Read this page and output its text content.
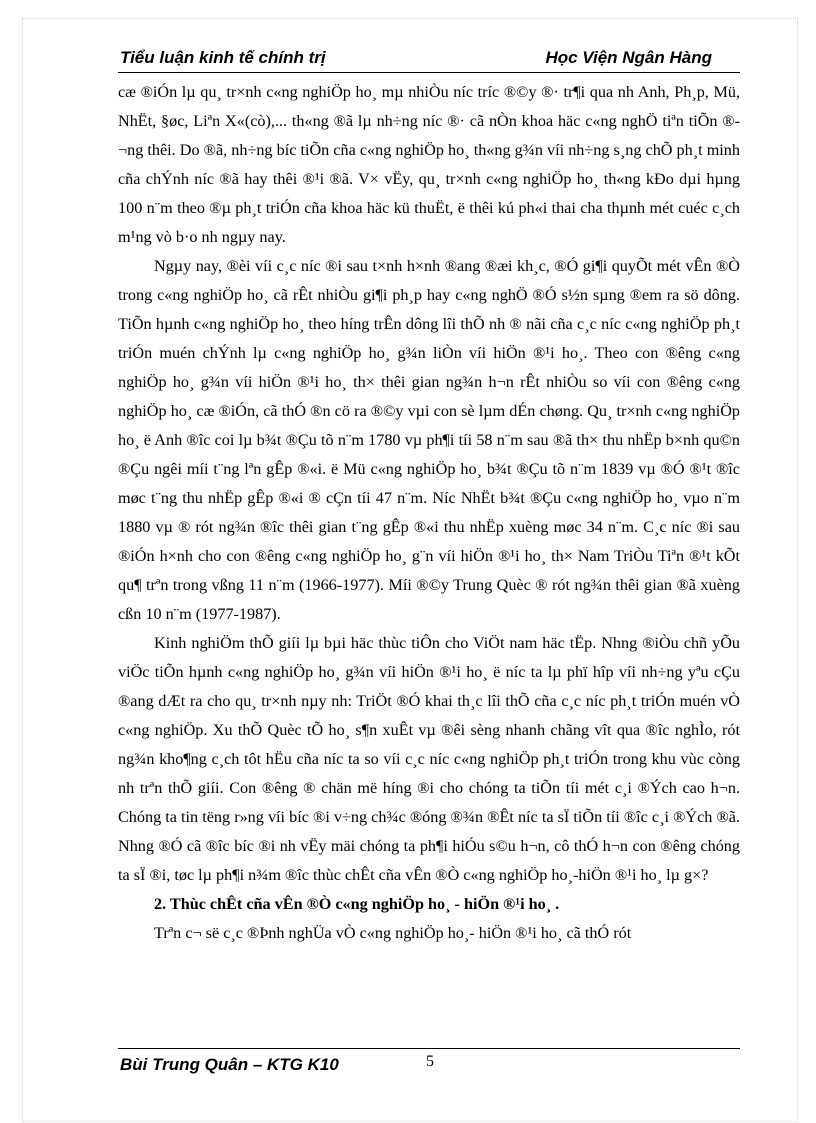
Tiểu luận kinh tế chính trị	Học Viện Ngân Hàng

cæ ®iÓn lµ qu¸ tr×nh c«ng nghiÖp ho¸ mµ nhiÒu níc tríc ®©y ®· tr¶i qua nh Anh, Ph¸p, Mü, NhËt, §øc, Liªn X«(cò),... th«ng ®ã lµ nh÷ng níc ®· cã nÒn khoa häc c«ng nghÖ tiªn tiÕn ®¬ng thêi. Do ®ã, nh÷ng bíc tiÕn cña c«ng nghiÖp ho¸ th«ng g¾n víi nh÷ng s¸ng chÕ ph¸t minh cña chÝnh níc ®ã hay thêi ®¹i ®ã. V× vËy, qu¸ tr×nh c«ng nghiÖp ho¸ th«ng kÐo dµi hµng 100 n¨m theo ®µ ph¸t triÓn cña khoa häc kü thuËt, ë thêi kú ph«i thai cha thµnh mét cuéc c¸ch m¹ng vò b·o nh ngµy nay.

Ngµy nay, ®èi víi c¸c níc ®i sau t×nh h×nh ®ang ®æi kh¸c, ®Ó gi¶i quyÕt mét vÊn ®Ò trong c«ng nghiÖp ho¸ cã rÊt nhiÒu gi¶i ph¸p hay c«ng nghÖ ®Ó s½n sµng ®em ra sö dông. TiÕn hµnh c«ng nghiÖp ho¸ theo híng trÊn dông lîi thÕ nh ® nãi cña c¸c níc c«ng nghiÖp ph¸t triÓn muén chÝnh lµ c«ng nghiÖp ho¸ g¾n liÒn víi hiÖn ®¹i ho¸. Theo con ®êng c«ng nghiÖp ho¸ g¾n víi hiÖn ®¹i ho¸ th× thêi gian ng¾n h¬n rÊt nhiÒu so víi con ®êng c«ng nghiÖp ho¸ cæ ®iÓn, cã thÓ ®n cö ra ®©y vµi con sè lµm dÉn chøng. Qu¸ tr×nh c«ng nghiÖp ho¸ ë Anh ®îc coi lµ b¾t ®Çu tõ n¨m 1780 vµ ph¶i tíi 58 n¨m sau ®ã th× thu nhËp b×nh qu©n ®Çu ngêi míi t¨ng lªn gÊp ®«i. ë Mü c«ng nghiÖp ho¸ b¾t ®Çu tõ n¨m 1839 vµ ®Ó ®¹t ®îc møc t¨ng thu nhËp gÊp ®«i ® cÇn tíi 47 n¨m. Níc NhËt b¾t ®Çu c«ng nghiÖp ho¸ vµo n¨m 1880 vµ ® rót ng¾n ®îc thêi gian t¨ng gÊp ®«i thu nhËp xuèng møc 34 n¨m. C¸c níc ®i sau ®iÓn h×nh cho con ®êng c«ng nghiÖp ho¸ g¨n víi hiÖn ®¹i ho¸ th× Nam TriÒu Tiªn ®¹t kÕt qu¶ trªn trong vßng 11 n¨m (1966-1977). Míi ®©y Trung Quèc ® rót ng¾n thêi gian ®ã xuèng cßn 10 n¨m (1977-1987).

Kinh nghiÖm thÕ giíi lµ bµi häc thùc tiÔn cho ViÖt nam häc tËp. Nhng ®iÒu chñ yÕu viÖc tiÕn hµnh c«ng nghiÖp ho¸ g¾n víi hiÖn ®¹i ho¸ ë níc ta lµ phï hîp víi nh÷ng yªu cÇu ®ang dÆt ra cho qu¸ tr×nh nµy nh: TriÖt ®Ó khai th¸c lîi thÕ cña c¸c níc ph¸t triÓn muén vÒ c«ng nghiÖp. Xu thÕ Quèc tÕ ho¸ s¶n xuÊt vµ ®êi sèng nhanh chãng vît qua ®îc nghÌo, rót ng¾n kho¶ng c¸ch tôt hËu cña níc ta so víi c¸c níc c«ng nghiÖp ph¸t triÓn trong khu vùc còng nh trªn thÕ giíi. Con ®êng ® chän më híng ®i cho chóng ta tiÕn tíi mét c¸i ®Ých cao h¬n. Chóng ta tin tëng r»ng víi bíc ®i v÷ng ch¾c ®óng ®¾n ®Êt níc ta sÏ tiÕn tíi ®îc c¸i ®Ých ®ã. Nhng ®Ó cã ®îc bíc ®i nh vËy mäi chóng ta ph¶i hiÓu s©u h¬n, cô thÓ h¬n con ®êng chóng ta sÏ ®i, tøc lµ ph¶i n¾m ®îc thùc chÊt cña vÊn ®Ò c«ng nghiÖp ho¸-hiÖn ®¹i ho¸ lµ g×?

2. Thùc chÊt cña vÊn ®Ò c«ng nghiÖp ho¸ - hiÖn ®¹i ho¸ .

Trªn c¬ së c¸c ®Þnh nghÜa vÒ c«ng nghiÖp ho¸- hiÖn ®¹i ho¸ cã thÓ rót

Bùi Trung Quân – KTG K10	5
